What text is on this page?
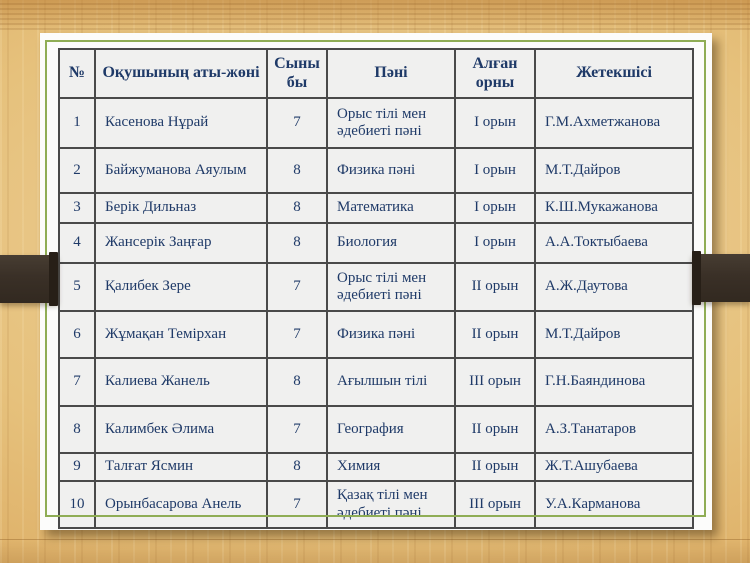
№	Оқушының аты-жөні	Сыныбы	Пәні	Алған орны	Жетекшісі
1	Касенова Нұрай	7	Орыс тілі мен әдебиеті пәні	I орын	Г.М.Ахметжанова
2	Байжуманова Аяулым	8	Физика пәні	I орын	М.Т.Дайров
3	Берік Дильназ	8	Математика	I орын	К.Ш.Мукажанова
4	Жансерік Заңғар	8	Биология	I орын	А.А.Токтыбаева
5	Қалибек Зере	7	Орыс тілі мен әдебиеті пәні	II орын	А.Ж.Даутова
6	Жұмақан Темірхан	7	Физика пәні	II орын	М.Т.Дайров
7	Калиева Жанель	8	Ағылшын тілі	III орын	Г.Н.Баяндинова
8	Калимбек Әлима	7	География	II орын	А.З.Танатаров
9	Талғат Ясмин	8	Химия	II орын	Ж.Т.Ашубаева
10	Орынбасарова Анель	7	Қазақ тілі мен әдебиеті пәні	III орын	У.А.Карманова
